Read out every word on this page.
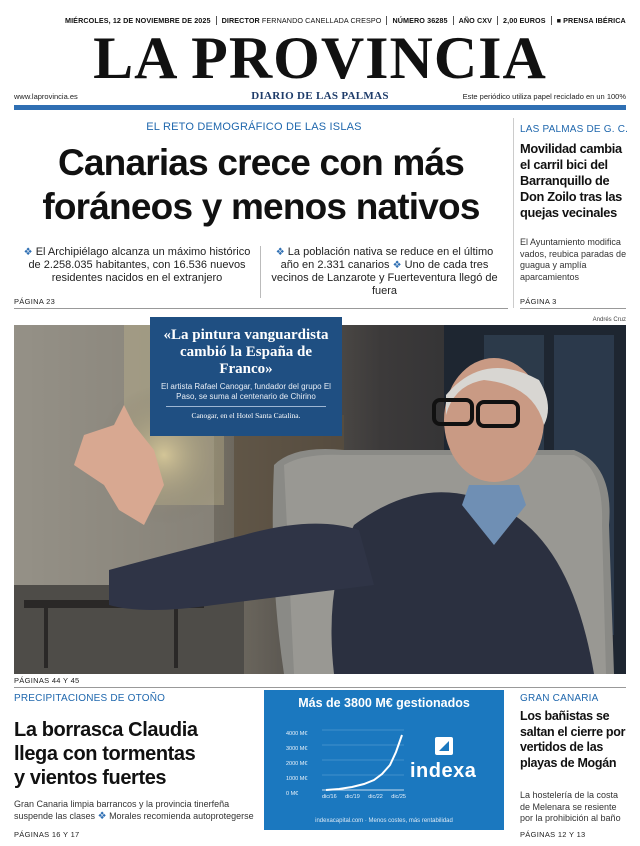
MIÉRCOLES, 12 DE NOVIEMBRE DE 2025	DIRECTOR FERNANDO CANELLADA CRESPO	NÚMERO 36285	AÑO CXV	2,00 EUROS	■ PRENSA IBÉRICA
LA PROVINCIA
www.laprovincia.es	DIARIO DE LAS PALMAS	Este periódico utiliza papel reciclado en un 100%
EL RETO DEMOGRÁFICO DE LAS ISLAS
Canarias crece con más
foráneos y menos nativos
❖ El Archipiélago alcanza un máximo histórico de 2.258.035 habitantes, con 16.536 nuevos residentes nacidos en el extranjero
❖ La población nativa se reduce en el último año en 2.331 canarios ❖ Uno de cada tres vecinos de Lanzarote y Fuerteventura llegó de fuera
PÁGINA 23
LAS PALMAS DE G. C.
Movilidad cambia el carril bici del Barranquillo de Don Zoilo tras las quejas vecinales
El Ayuntamiento modifica vados, reubica paradas de guagua y amplía aparcamientos
PÁGINA 3
Andrés Cruz
«La pintura vanguardista cambió la España de Franco»
El artista Rafael Canogar, fundador del grupo El Paso, se suma al centenario de Chirino
Canogar, en el Hotel Santa Catalina.
PÁGINAS 44 Y 45
PRECIPITACIONES DE OTOÑO
La borrasca Claudia
llega con tormentas
y vientos fuertes
Gran Canaria limpia barrancos y la provincia tinerfeña suspende las clases ❖ Morales recomienda autoprotegerse
PÁGINAS 16 Y 17
Más de 3800 M€ gestionados
4000 M€
3000 M€
2000 M€
1000 M€
0 M€	dic/16 dic/19 dic/22 dic/25
indexa
indexacapital.com · Menos costes, más rentabilidad
GRAN CANARIA
Los bañistas se saltan el cierre por vertidos de las playas de Mogán
La hostelería de la costa de Melenara se resiente por la prohibición al baño
PÁGINAS 12 Y 13
